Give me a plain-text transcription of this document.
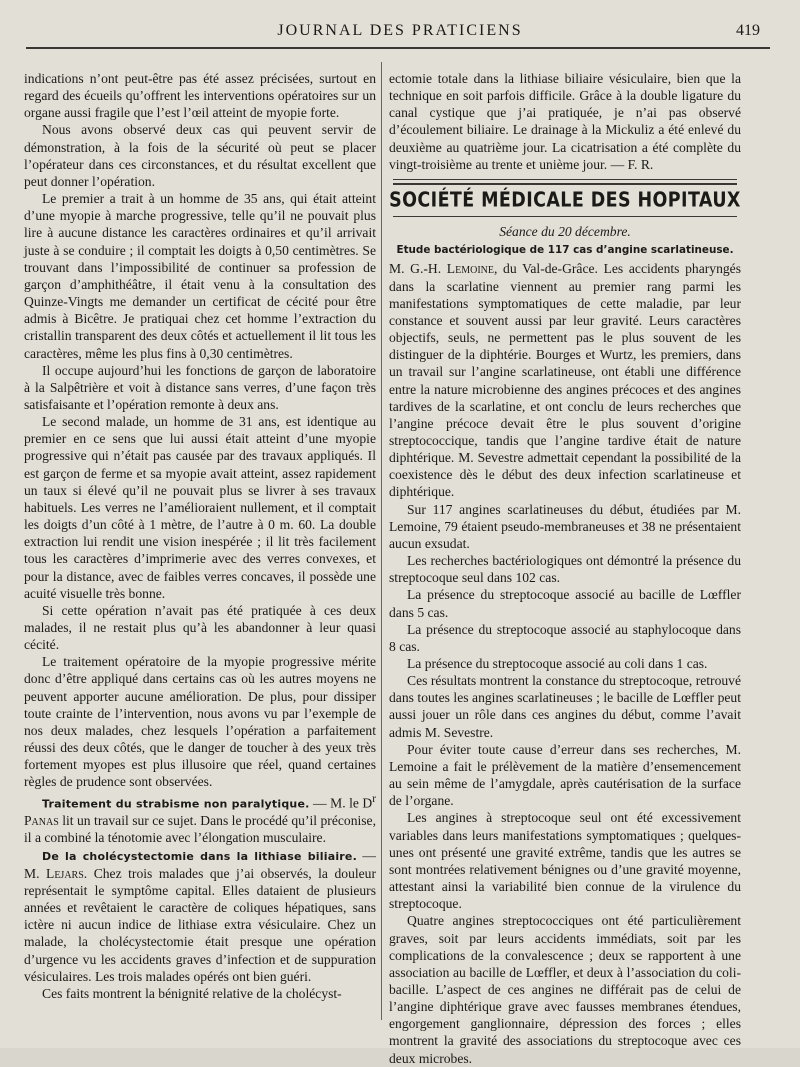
JOURNAL DES PRATICIENS	419

indications n’ont peut-être pas été assez précisées, surtout en regard des écueils qu’offrent les interventions opératoires sur un organe aussi fragile que l’est l’œil atteint de myopie forte.

Nous avons observé deux cas qui peuvent servir de démonstration, à la fois de la sécurité où peut se placer l’opérateur dans ces circonstances, et du résultat excellent que peut donner l’opération.

Le premier a trait à un homme de 35 ans, qui était atteint d’une myopie à marche progressive, telle qu’il ne pouvait plus lire à aucune distance les caractères ordinaires et qu’il arrivait juste à se conduire ; il comptait les doigts à 0,50 centimètres. Se trouvant dans l’impossibilité de continuer sa profession de garçon d’amphithéâtre, il était venu à la consultation des Quinze-Vingts me demander un certificat de cécité pour être admis à Bicêtre. Je pratiquai chez cet homme l’extraction du cristallin transparent des deux côtés et actuellement il lit tous les caractères, même les plus fins à 0,30 centimètres.

Il occupe aujourd’hui les fonctions de garçon de laboratoire à la Salpêtrière et voit à distance sans verres, d’une façon très satisfaisante et l’opération remonte à deux ans.

Le second malade, un homme de 31 ans, est identique au premier en ce sens que lui aussi était atteint d’une myopie progressive qui n’était pas causée par des travaux appliqués. Il est garçon de ferme et sa myopie avait atteint, assez rapidement un taux si élevé qu’il ne pouvait plus se livrer à ses travaux habituels. Les verres ne l’amélioraient nullement, et il comptait les doigts d’un côté à 1 mètre, de l’autre à 0 m. 60. La double extraction lui rendit une vision inespérée ; il lit très facilement tous les caractères d’imprimerie avec des verres convexes, et pour la distance, avec de faibles verres concaves, il possède une acuité visuelle très bonne.

Si cette opération n’avait pas été pratiquée à ces deux malades, il ne restait plus qu’à les abandonner à leur quasi cécité.

Le traitement opératoire de la myopie progressive mérite donc d’être appliqué dans certains cas où les autres moyens ne peuvent apporter aucune amélioration. De plus, pour dissiper toute crainte de l’intervention, nous avons vu par l’exemple de nos deux malades, chez lesquels l’opération a parfaitement réussi des deux côtés, que le danger de toucher à des yeux très fortement myopes est plus illusoire que réel, quand certaines règles de prudence sont observées.

Traitement du strabisme non paralytique. — M. le $D^r$ Panas lit un travail sur ce sujet. Dans le procédé qu’il préconise, il a combiné la ténotomie avec l’élongation musculaire.

De la cholécystectomie dans la lithiase biliaire. — M. Lejars. Chez trois malades que j’ai observés, la douleur représentait le symptôme capital. Elles dataient de plusieurs années et revêtaient le caractère de coliques hépatiques, sans ictère ni aucun indice de lithiase extra vésiculaire. Chez un malade, la cholécystectomie était presque une opération d’urgence vu les accidents graves d’infection et de suppuration vésiculaires. Les trois malades opérés ont bien guéri.

Ces faits montrent la bénignité relative de la cholécyst-

ectomie totale dans la lithiase biliaire vésiculaire, bien que la technique en soit parfois difficile. Grâce à la double ligature du canal cystique que j’ai pratiquée, je n’ai pas observé d’écoulement biliaire. Le drainage à la Mickuliz a été enlevé du deuxième au quatrième jour. La cicatrisation a été complète du vingt-troisième au trente et unième jour. — F. R.

SOCIÉTÉ MÉDICALE DES HOPITAUX
Séance du 20 décembre.
Etude bactériologique de 117 cas d’angine scarlatineuse.

M. G.-H. Lemoine, du Val-de-Grâce. Les accidents pharyngés dans la scarlatine viennent au premier rang parmi les manifestations symptomatiques de cette maladie, par leur constance et souvent aussi par leur gravité. Leurs caractères objectifs, seuls, ne permettent pas le plus souvent de les distinguer de la diphtérie. Bourges et Wurtz, les premiers, dans un travail sur l’angine scarlatineuse, ont établi une différence entre la nature microbienne des angines précoces et des angines tardives de la scarlatine, et ont conclu de leurs recherches que l’angine précoce devait être le plus souvent d’origine streptococcique, tandis que l’angine tardive était de nature diphtérique. M. Sevestre admettait cependant la possibilité de la coexistence dès le début des deux infection scarlatineuse et diphtérique.

Sur 117 angines scarlatineuses du début, étudiées par M. Lemoine, 79 étaient pseudo-membraneuses et 38 ne présentaient aucun exsudat.

Les recherches bactériologiques ont démontré la présence du streptocoque seul dans 102 cas.

La présence du streptocoque associé au bacille de Lœffler dans 5 cas.

La présence du streptocoque associé au staphylocoque dans 8 cas.

La présence du streptocoque associé au coli dans 1 cas.

Ces résultats montrent la constance du streptocoque, retrouvé dans toutes les angines scarlatineuses ; le bacille de Lœffler peut aussi jouer un rôle dans ces angines du début, comme l’avait admis M. Sevestre.

Pour éviter toute cause d’erreur dans ses recherches, M. Lemoine a fait le prélèvement de la matière d’ensemencement au sein même de l’amygdale, après cautérisation de la surface de l’organe.

Les angines à streptocoque seul ont été excessivement variables dans leurs manifestations symptomatiques ; quelques-unes ont présenté une gravité extrême, tandis que les autres se sont montrées relativement bénignes ou d’une gravité moyenne, attestant ainsi la variabilité bien connue de la virulence du streptocoque.

Quatre angines streptococciques ont été particulièrement graves, soit par leurs accidents immédiats, soit par les complications de la convalescence ; deux se rapportent à une association au bacille de Lœffler, et deux à l’association du coli-bacille. L’aspect de ces angines ne différait pas de celui de l’angine diphtérique grave avec fausses membranes étendues, engorgement ganglionnaire, dépression des forces ; elles montrent la gravité des associations du streptocoque avec ces deux microbes.
